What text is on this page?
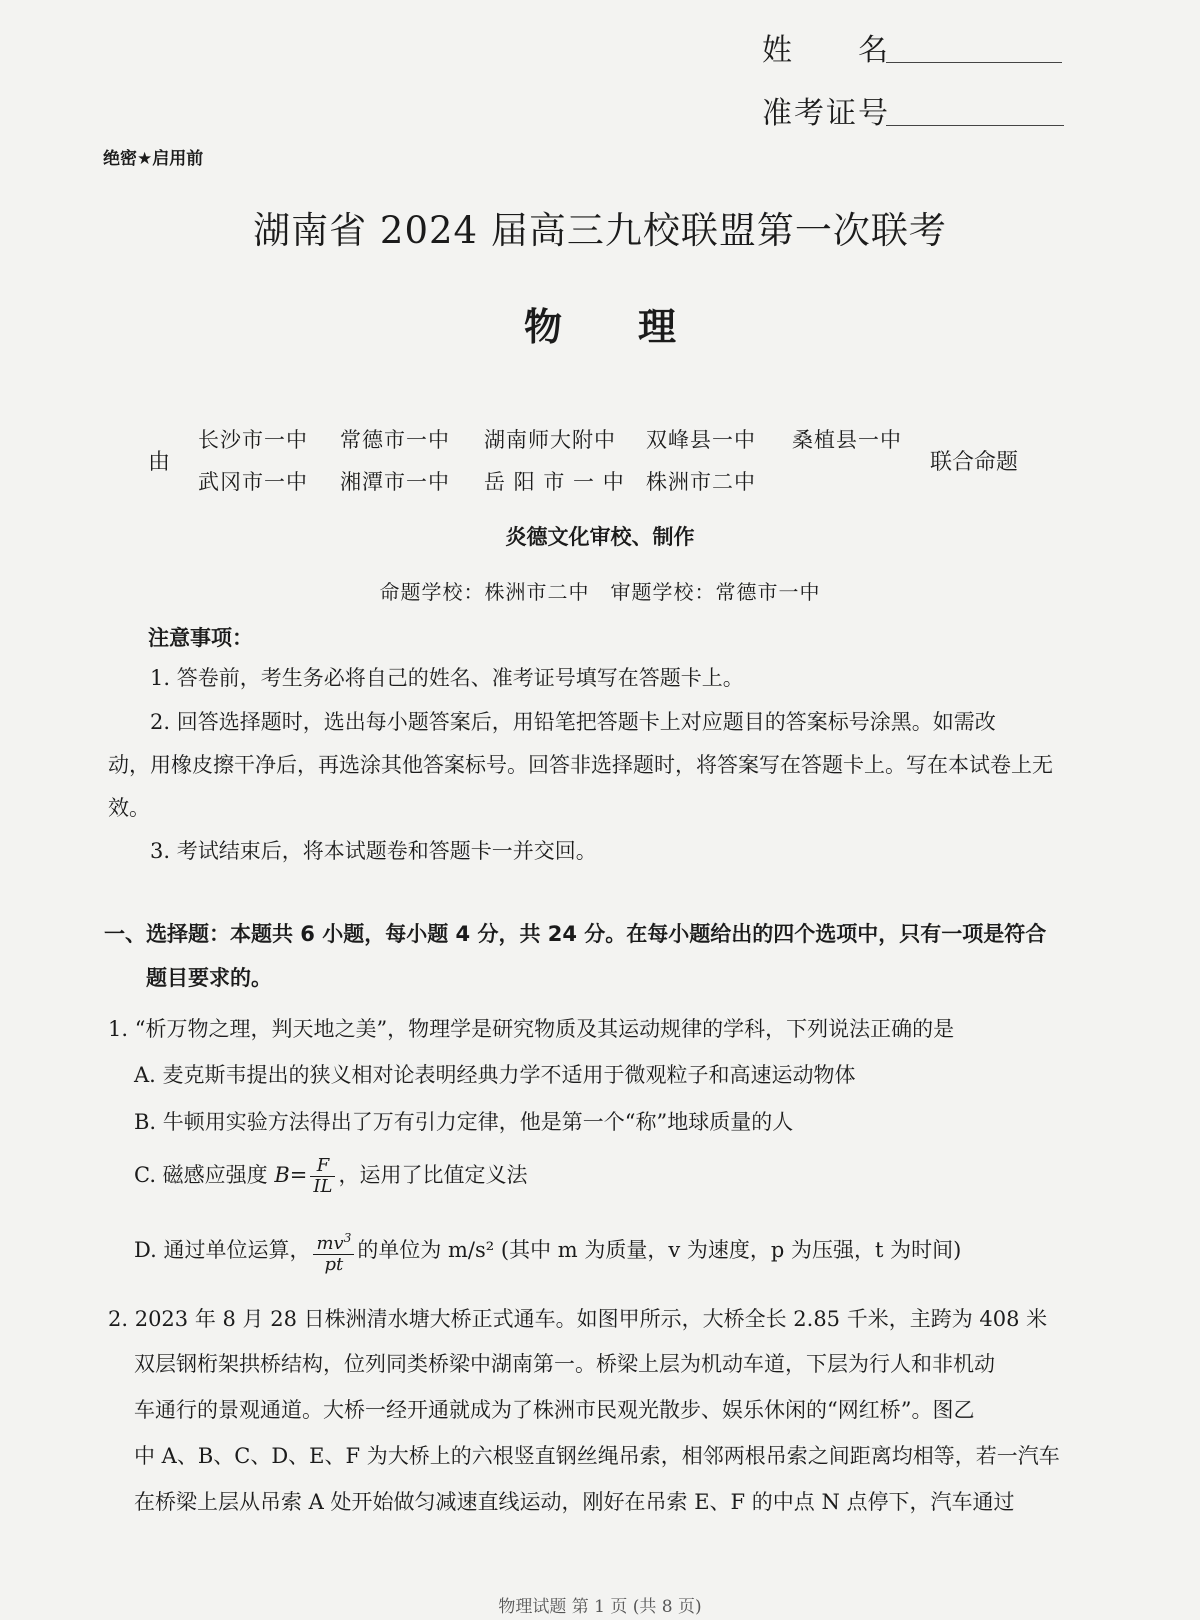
姓　　名
准考证号
绝密★启用前
湖南省 2024 届高三九校联盟第一次联考
物　　理
由
长沙市一中 常德市一中 湖南师大附中 双峰县一中 桑植县一中
武冈市一中 湘潭市一中 岳 阳 市 一 中 株洲市二中
联合命题
炎德文化审校、制作
命题学校：株洲市二中　审题学校：常德市一中
注意事项：
1. 答卷前，考生务必将自己的姓名、准考证号填写在答题卡上。
2. 回答选择题时，选出每小题答案后，用铅笔把答题卡上对应题目的答案标号涂黑。如需改
动，用橡皮擦干净后，再选涂其他答案标号。回答非选择题时，将答案写在答题卡上。写在本试卷上无
效。
3. 考试结束后，将本试题卷和答题卡一并交回。
一、选择题：本题共 6 小题，每小题 4 分，共 24 分。在每小题给出的四个选项中，只有一项是符合
题目要求的。
1. “析万物之理，判天地之美”，物理学是研究物质及其运动规律的学科，下列说法正确的是
A. 麦克斯韦提出的狭义相对论表明经典力学不适用于微观粒子和高速运动物体
B. 牛顿用实验方法得出了万有引力定律，他是第一个“称”地球质量的人
C. 磁感应强度 $B= \frac{F}{IL}$ ，运用了比值定义法
D. 通过单位运算， $\frac{mv^3}{pt}$ 的单位为 m/s² (其中 m 为质量，v 为速度，p 为压强，t 为时间)
2. 2023 年 8 月 28 日株洲清水塘大桥正式通车。如图甲所示，大桥全长 2.85 千米，主跨为 408 米
双层钢桁架拱桥结构，位列同类桥梁中湖南第一。桥梁上层为机动车道，下层为行人和非机动
车通行的景观通道。大桥一经开通就成为了株洲市民观光散步、娱乐休闲的“网红桥”。图乙
中 A、B、C、D、E、F 为大桥上的六根竖直钢丝绳吊索，相邻两根吊索之间距离均相等，若一汽车
在桥梁上层从吊索 A 处开始做匀减速直线运动，刚好在吊索 E、F 的中点 N 点停下，汽车通过
物理试题 第 1 页 (共 8 页)
